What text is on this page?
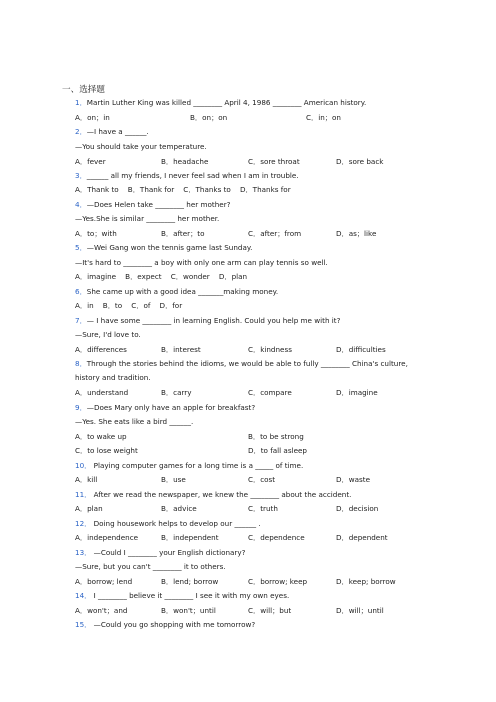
一、选择题
1．Martin Luther King was killed ________ April 4, 1986 ________ American history.
A．on；in	B．on；on	C．in；on
2．—I have a ______.
—You should take your temperature.
A．fever	B．headache	C．sore throat	D．sore back
3．______ all my friends, I never feel sad when I am in trouble.
A．Thank to    B．Thank for    C．Thanks to    D．Thanks for
4．—Does Helen take ________ her mother?
—Yes.She is similar ________ her mother.
A．to；with	B．after；to	C．after；from	D．as；like
5．—Wei Gang won the tennis game last Sunday.
—It's hard to ________ a boy with only one arm can play tennis so well.
A．imagine    B．expect    C．wonder    D．plan
6．She came up with a good idea _______making money.
A．in    B．to    C．of    D．for
7．— I have some ________ in learning English. Could you help me with it?
—Sure, I'd love to.
A．differences	B．interest	C．kindness	D．difficulties
8．Through the stories behind the idioms, we would be able to fully ________ China's culture,
history and tradition.
A．understand	B．carry	C．compare	D．imagine
9．—Does Mary only have an apple for breakfast?
—Yes. She eats like a bird ______.
A．to wake up	B．to be strong
C．to lose weight	D．to fall asleep
10． Playing computer games for a long time is a _____ of time.
A．kill	B．use	C．cost	D．waste
11． After we read the newspaper, we knew the ________ about the accident.
A．plan	B．advice	C．truth	D．decision
12． Doing housework helps to develop our ______ .
A．independence	B．independent	C．dependence	D．dependent
13． —Could I ________ your English dictionary?
—Sure, but you can't ________ it to others.
A．borrow; lend	B．lend; borrow	C．borrow; keep	D．keep; borrow
14． I ________ believe it ________ I see it with my own eyes.
A．won't；and	B．won't；until	C．will；but	D．will；until
15． —Could you go shopping with me tomorrow?
